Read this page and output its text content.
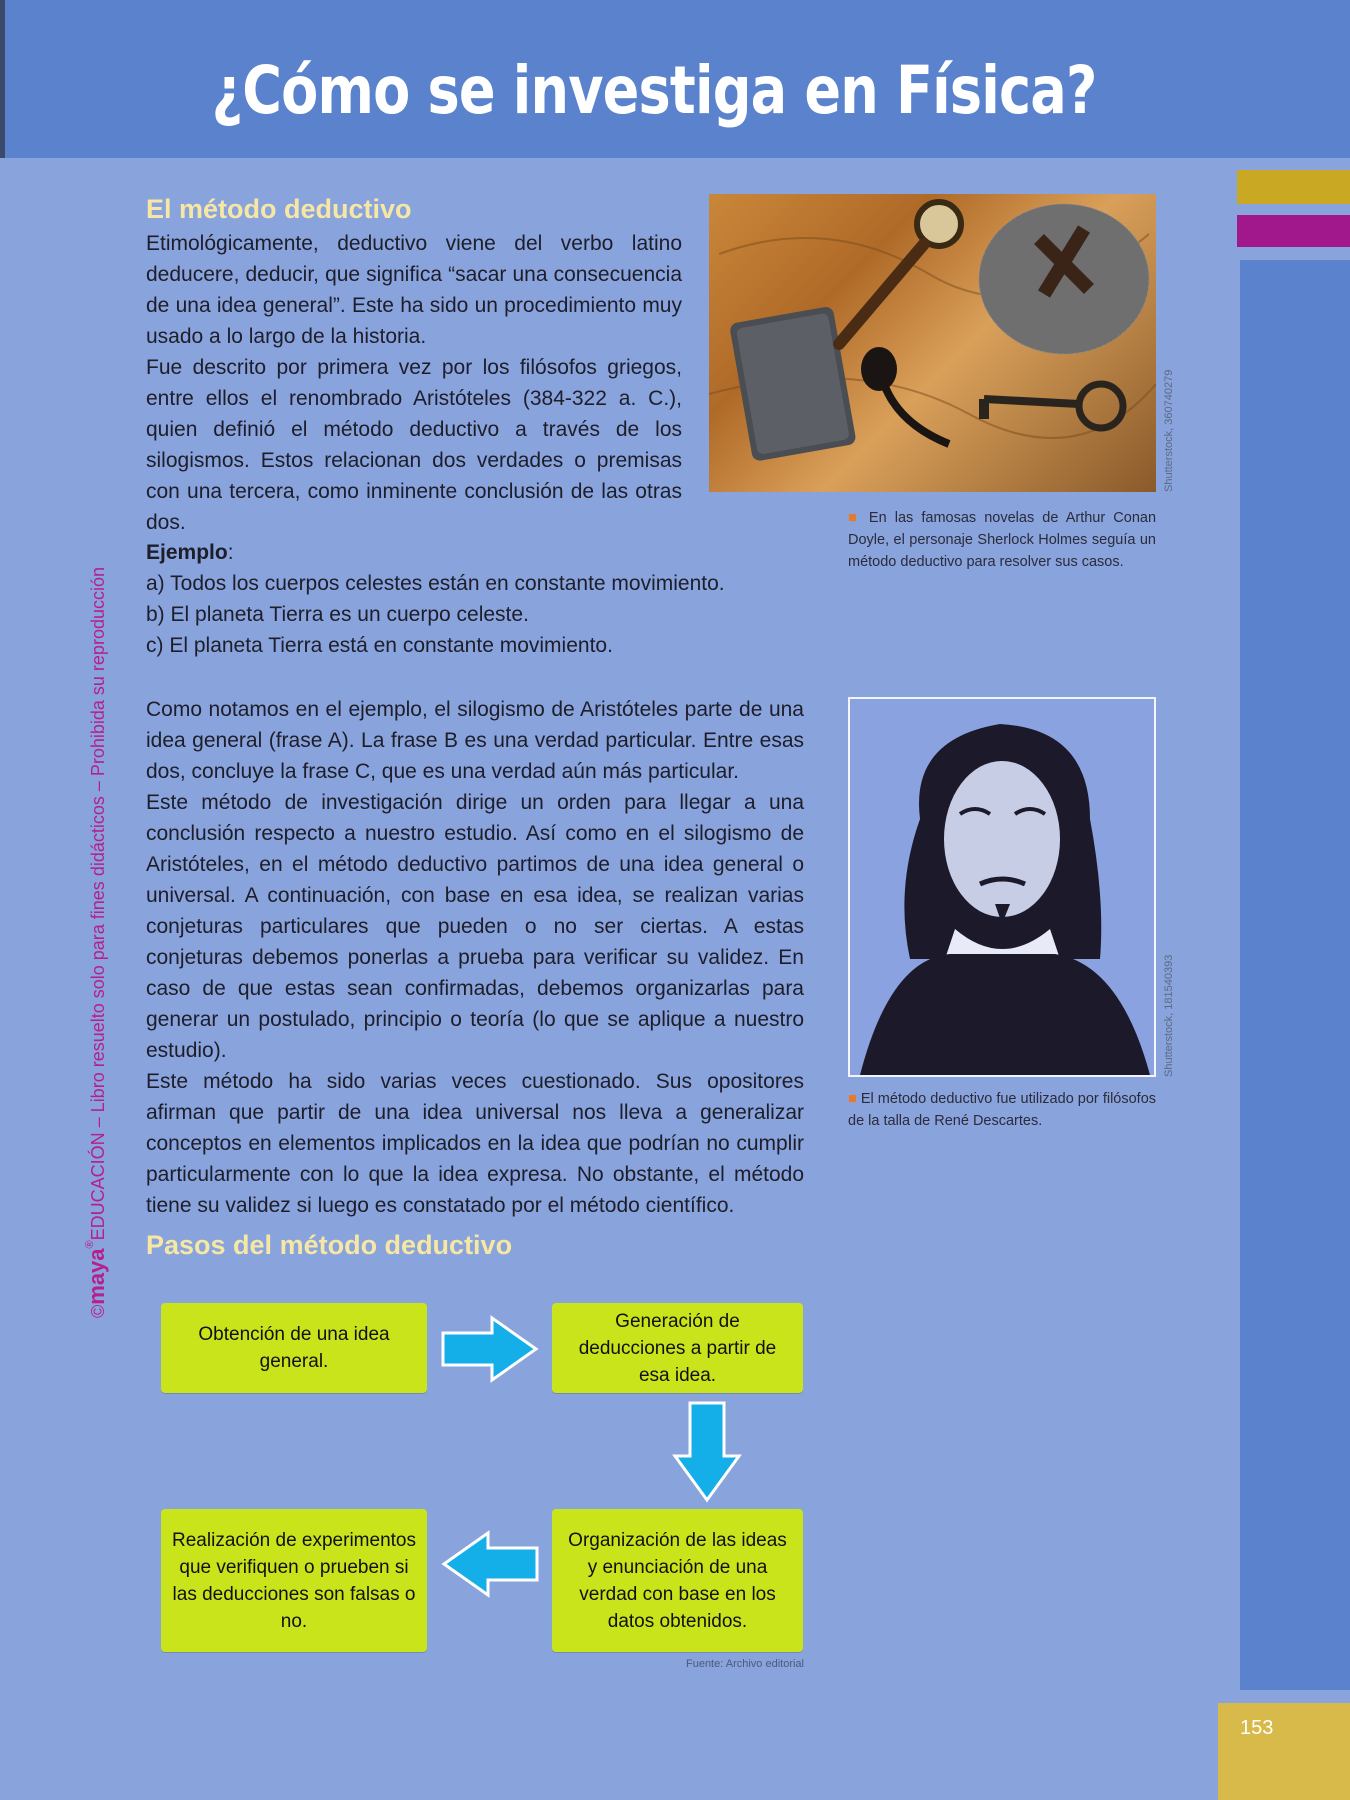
¿Cómo se investiga en Física?
©maya®EDUCACIÓN – Libro resuelto solo para fines didácticos – Prohibida su reproducción
El método deductivo

Etimológicamente, deductivo viene del verbo latino deducere, deducir, que significa “sacar una consecuencia de una idea general”. Este ha sido un procedimiento muy usado a lo largo de la historia.

Fue descrito por primera vez por los filósofos griegos, entre ellos el renombrado Aristóteles (384-322 a. C.), quien definió el método deductivo a través de los silogismos. Estos relacionan dos verdades o premisas con una tercera, como inminente conclusión de las otras dos.

Shutterstock, 360740279
■ En las famosas novelas de Arthur Conan Doyle, el personaje Sherlock Holmes seguía un método deductivo para resolver sus casos.
Ejemplo:
a) Todos los cuerpos celestes están en constante movimiento.
b) El planeta Tierra es un cuerpo celeste.
c) El planeta Tierra está en constante movimiento.

Como notamos en el ejemplo, el silogismo de Aristóteles parte de una idea general (frase A). La frase B es una verdad particular. Entre esas dos, concluye la frase C, que es una verdad aún más particular.

Este método de investigación dirige un orden para llegar a una conclusión respecto a nuestro estudio. Así como en el silogismo de Aristóteles, en el método deductivo partimos de una idea general o universal. A continuación, con base en esa idea, se realizan varias conjeturas particulares que pueden o no ser ciertas. A estas conjeturas debemos ponerlas a prueba para verificar su validez. En caso de que estas sean confirmadas, debemos organizarlas para generar un postulado, principio o teoría (lo que se aplique a nuestro estudio).

Este método ha sido varias veces cuestionado. Sus opositores afirman que partir de una idea universal nos lleva a generalizar conceptos en elementos implicados en la idea que podrían no cumplir particularmente con lo que la idea expresa. No obstante, el método tiene su validez si luego es constatado por el método científico.

Shutterstock, 181540393
■ El método deductivo fue utilizado por filósofos de la talla de René Descartes.
Pasos del método deductivo
Obtención de una idea general.
Generación de deducciones a partir de esa idea.
Organización de las ideas y enunciación de una verdad con base en los datos obtenidos.
Realización de experimentos que verifiquen o prueben si las deducciones son falsas o no.
Fuente: Archivo editorial
153
